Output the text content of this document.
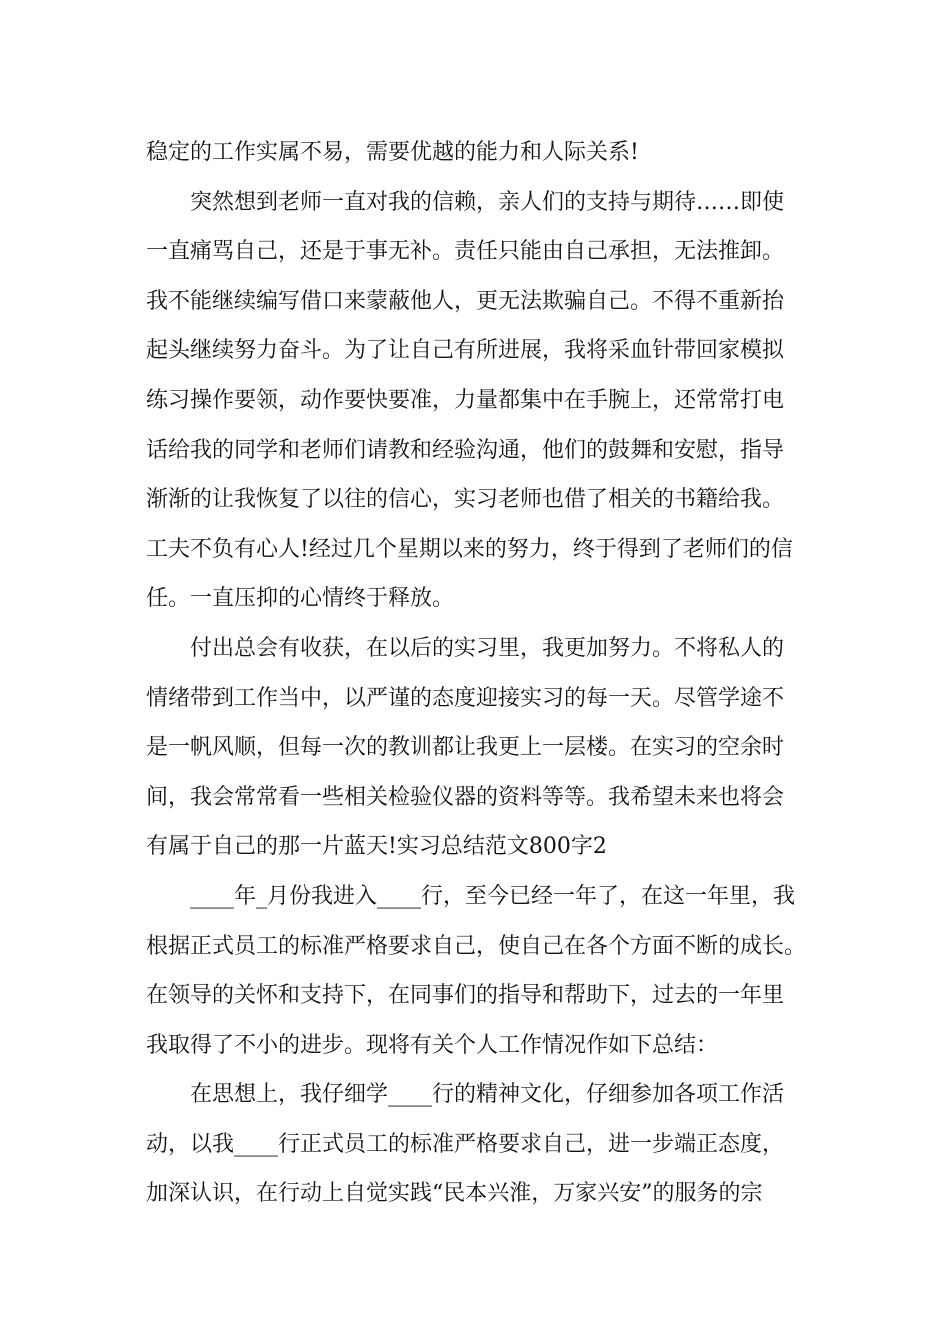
稳定的工作实属不易，需要优越的能力和人际关系!
突然想到老师一直对我的信赖，亲人们的支持与期待……即使
一直痛骂自己，还是于事无补。责任只能由自己承担，无法推卸。
我不能继续编写借口来蒙蔽他人，更无法欺骗自己。不得不重新抬
起头继续努力奋斗。为了让自己有所进展，我将采血针带回家模拟
练习操作要领，动作要快要准，力量都集中在手腕上，还常常打电
话给我的同学和老师们请教和经验沟通，他们的鼓舞和安慰，指导
渐渐的让我恢复了以往的信心，实习老师也借了相关的书籍给我。
工夫不负有心人!经过几个星期以来的努力，终于得到了老师们的信
任。一直压抑的心情终于释放。
付出总会有收获，在以后的实习里，我更加努力。不将私人的
情绪带到工作当中，以严谨的态度迎接实习的每一天。尽管学途不
是一帆风顺，但每一次的教训都让我更上一层楼。在实习的空余时
间，我会常常看一些相关检验仪器的资料等等。我希望未来也将会
有属于自己的那一片蓝天!实习总结范文800字2
____年_月份我进入____行，至今已经一年了，在这一年里，我
根据正式员工的标准严格要求自己，使自己在各个方面不断的成长。
在领导的关怀和支持下，在同事们的指导和帮助下，过去的一年里
我取得了不小的进步。现将有关个人工作情况作如下总结：
在思想上，我仔细学____行的精神文化，仔细参加各项工作活
动，以我____行正式员工的标准严格要求自己，进一步端正态度，
加深认识，在行动上自觉实践“民本兴淮，万家兴安”的服务的宗
